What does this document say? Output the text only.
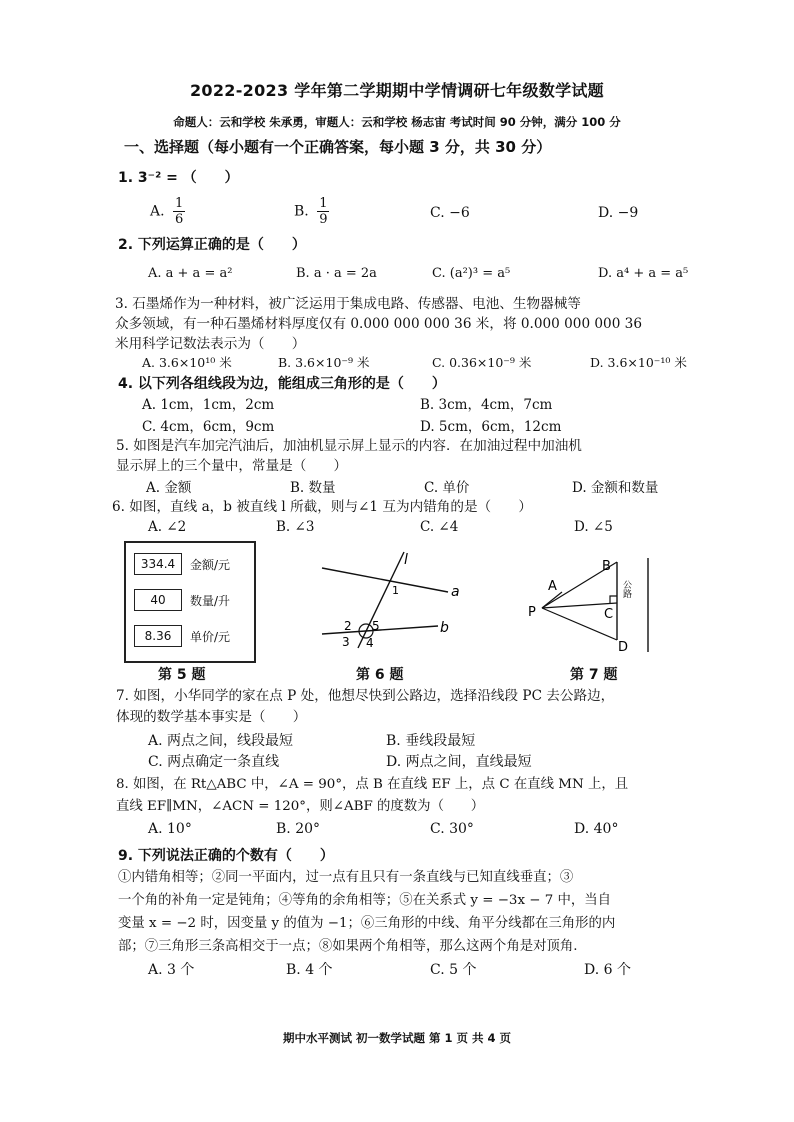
2022-2023 学年第二学期期中学情调研七年级数学试题
命题人：云和学校 朱承勇，审题人：云和学校 杨志宙 考试时间 90 分钟，满分 100 分
一、选择题（每小题有一个正确答案，每小题 3 分，共 30 分）
1. 3⁻² = （　　）
A. $\frac{1}{6}$	B. $\frac{1}{9}$	C. −6	D. −9
2. 下列运算正确的是（　　）
A. a + a = a²	B. a · a = 2a	C. (a²)³ = a⁵	D. a⁴ + a = a⁵
3. 石墨烯作为一种材料，被广泛运用于集成电路、传感器、电池、生物器械等
众多领域，有一种石墨烯材料厚度仅有 0.000 000 000 36 米，将 0.000 000 000 36
米用科学记数法表示为（　　）
A. 3.6×10¹⁰ 米	B. 3.6×10⁻⁹ 米	C. 0.36×10⁻⁹ 米	D. 3.6×10⁻¹⁰ 米
4. 以下列各组线段为边，能组成三角形的是（　　）
A. 1cm，1cm，2cm	B. 3cm，4cm，7cm
C. 4cm，6cm，9cm	D. 5cm，6cm，12cm
5. 如图是汽车加完汽油后，加油机显示屏上显示的内容．在加油过程中加油机
显示屏上的三个量中，常量是（　　）
A. 金额	B. 数量	C. 单价	D. 金额和数量
6. 如图，直线 a，b 被直线 l 所截，则与∠1 互为内错角的是（　　）
A. ∠2	B. ∠3	C. ∠4	D. ∠5
334.4	金额/元
40	数量/升
8.36	单价/元
第 5 题
l
a
b
1
2 5
3 4
第 6 题
A
B
C
D
P
公路
第 7 题
7. 如图，小华同学的家在点 P 处，他想尽快到公路边，选择沿线段 PC 去公路边，
体现的数学基本事实是（　　）
A. 两点之间，线段最短	B. 垂线段最短
C. 两点确定一条直线	D. 两点之间，直线最短
8. 如图，在 Rt△ABC 中，∠A = 90°，点 B 在直线 EF 上，点 C 在直线 MN 上，且
直线 EF∥MN，∠ACN = 120°，则∠ABF 的度数为（　　）
A. 10°	B. 20°	C. 30°	D. 40°
9. 下列说法正确的个数有（　　）
①内错角相等；②同一平面内，过一点有且只有一条直线与已知直线垂直；③
一个角的补角一定是钝角；④等角的余角相等；⑤在关系式 y = −3x − 7 中，当自
变量 x = −2 时，因变量 y 的值为 −1；⑥三角形的中线、角平分线都在三角形的内
部；⑦三角形三条高相交于一点；⑧如果两个角相等，那么这两个角是对顶角.
A. 3 个	B. 4 个	C. 5 个	D. 6 个
期中水平测试 初一数学试题 第 1 页 共 4 页
